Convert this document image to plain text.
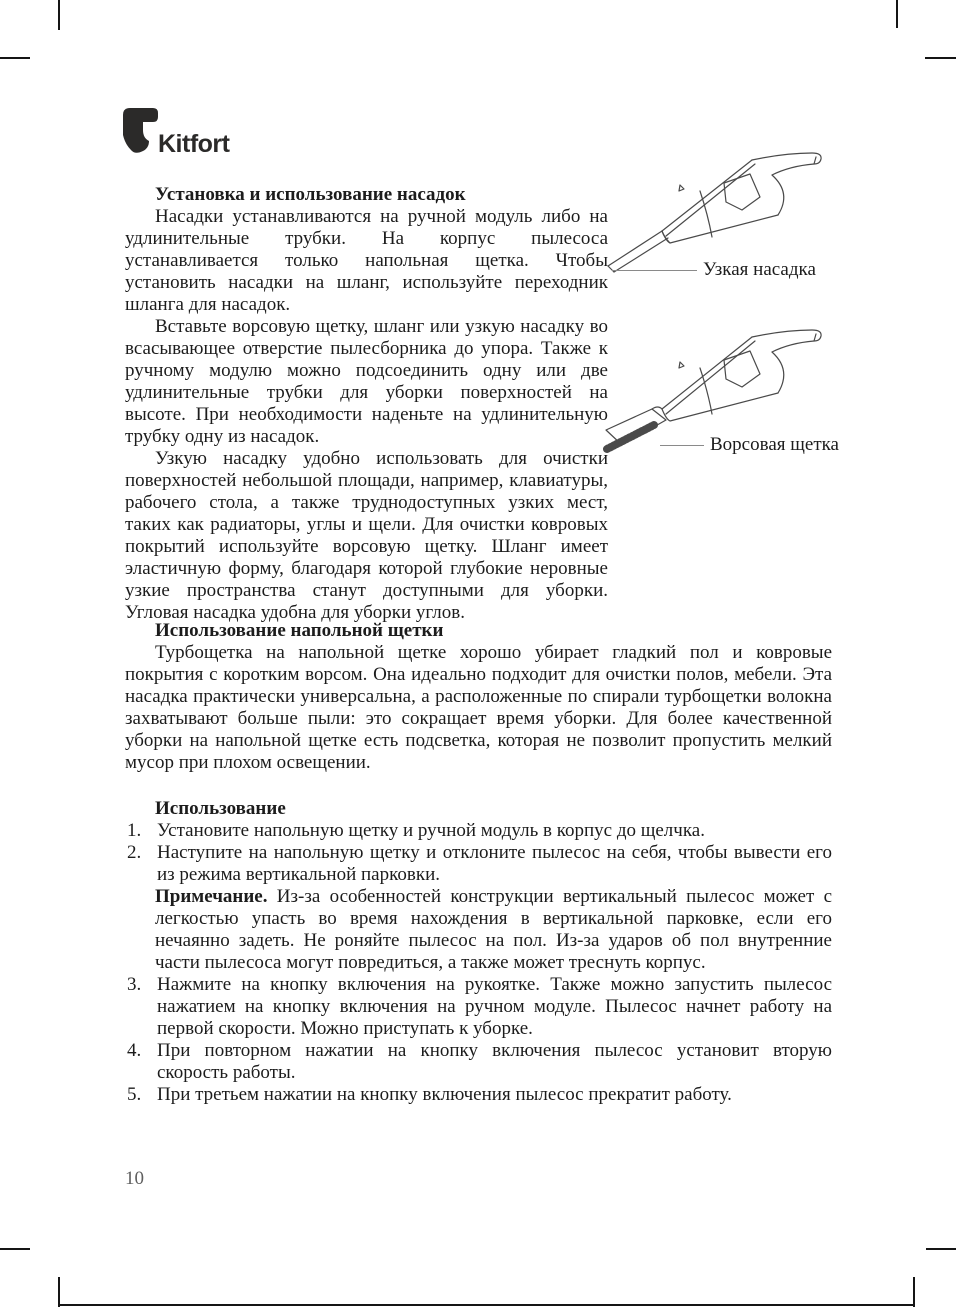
Kitfort
Узкая насадка
Ворсовая щетка
Установка и использование насадок

Насадки устанавливаются на ручной модуль либо на удлинительные трубки. На корпус пылесоса устанавливается только напольная щетка. Чтобы установить насадки на шланг, используйте переходник шланга для насадок.

Вставьте ворсовую щетку, шланг или узкую насадку во всасывающее отверстие пылесборника до упора. Также к ручному модулю можно подсоединить одну или две удлинительные трубки для уборки поверхностей на высоте. При необходимости наденьте на удлинительную трубку одну из насадок.

Узкую насадку удобно использовать для очистки поверхностей небольшой площади, например, клавиатуры, рабочего стола, а также труднодоступных узких мест, таких как радиаторы, углы и щели. Для очистки ковровых покрытий используйте ворсовую щетку. Шланг имеет эластичную форму, благодаря которой глубокие неровные узкие пространства станут доступными для уборки. Угловая насадка удобна для уборки углов.

Использование напольной щетки

Турбощетка на напольной щетке хорошо убирает гладкий пол и ковровые покрытия с коротким ворсом. Она идеально подходит для очистки полов, мебели. Эта насадка практически универсальна, а расположенные по спирали турбощетки волокна захватывают больше пыли: это сокращает время уборки. Для более качественной уборки на напольной щетке есть подсветка, которая не позволит пропустить мелкий мусор при плохом освещении.

Использование
1. Установите напольную щетку и ручной модуль в корпус до щелчка.
2. Наступите на напольную щетку и отклоните пылесос на себя, чтобы вывести его из режима вертикальной парковки.
Примечание. Из-за особенностей конструкции вертикальный пылесос может с легкостью упасть во время нахождения в вертикальной парковке, если его нечаянно задеть. Не роняйте пылесос на пол. Из-за ударов об пол внутренние части пылесоса могут повредиться, а также может треснуть корпус.
3. Нажмите на кнопку включения на рукоятке. Также можно запустить пылесос нажатием на кнопку включения на ручном модуле. Пылесос начнет работу на первой скорости. Можно приступать к уборке.
4. При повторном нажатии на кнопку включения пылесос установит вторую скорость работы.
5. При третьем нажатии на кнопку включения пылесос прекратит работу.
10
